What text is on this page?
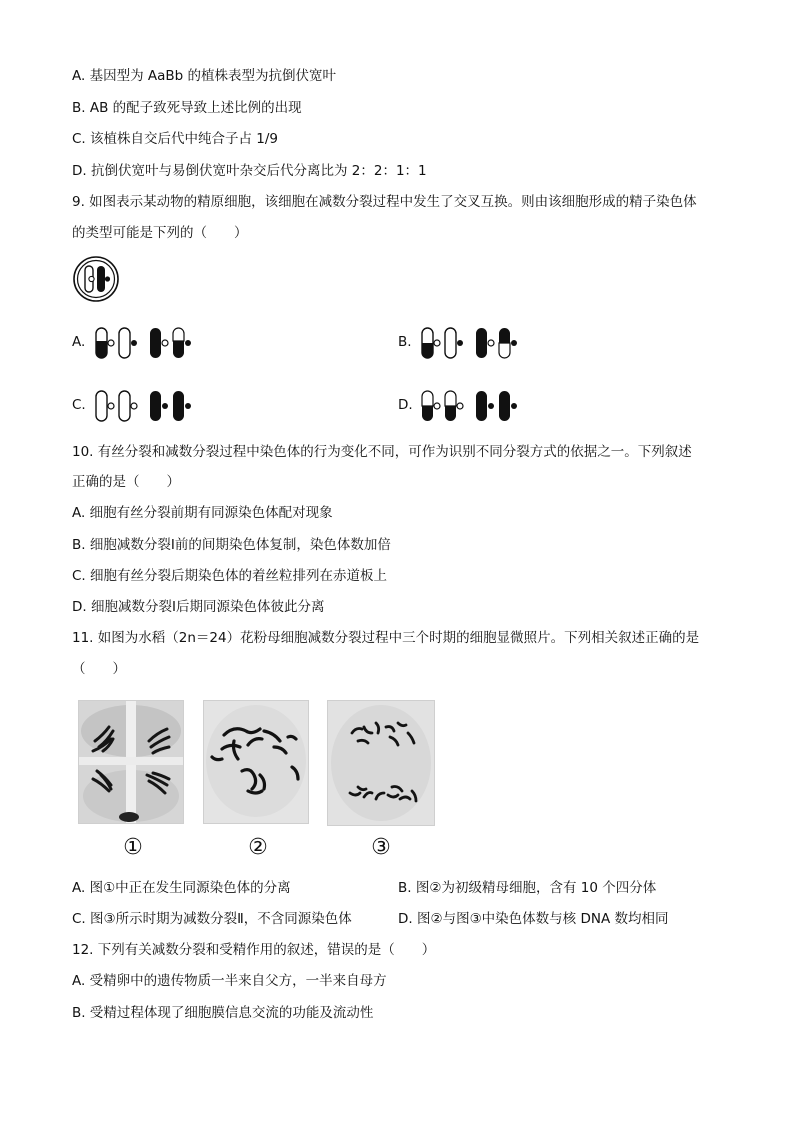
A. 基因型为 AaBb 的植株表型为抗倒伏宽叶
B. AB 的配子致死导致上述比例的出现
C. 该植株自交后代中纯合子占 1/9
D. 抗倒伏宽叶与易倒伏宽叶杂交后代分离比为 2：2：1：1
9. 如图表示某动物的精原细胞，该细胞在减数分裂过程中发生了交叉互换。则由该细胞形成的精子染色体
的类型可能是下列的（　　）
A.	B.
C.	D.
10. 有丝分裂和减数分裂过程中染色体的行为变化不同，可作为识别不同分裂方式的依据之一。下列叙述
正确的是（　　）
A. 细胞有丝分裂前期有同源染色体配对现象
B. 细胞减数分裂Ⅰ前的间期染色体复制，染色体数加倍
C. 细胞有丝分裂后期染色体的着丝粒排列在赤道板上
D. 细胞减数分裂Ⅰ后期同源染色体彼此分离
11. 如图为水稻（2n＝24）花粉母细胞减数分裂过程中三个时期的细胞显微照片。下列相关叙述正确的是
（　　）
①	②	③
A. 图①中正在发生同源染色体的分离	B. 图②为初级精母细胞，含有 10 个四分体
C. 图③所示时期为减数分裂Ⅱ，不含同源染色体	D. 图②与图③中染色体数与核 DNA 数均相同
12. 下列有关减数分裂和受精作用的叙述，错误的是（　　）
A. 受精卵中的遗传物质一半来自父方，一半来自母方
B. 受精过程体现了细胞膜信息交流的功能及流动性
